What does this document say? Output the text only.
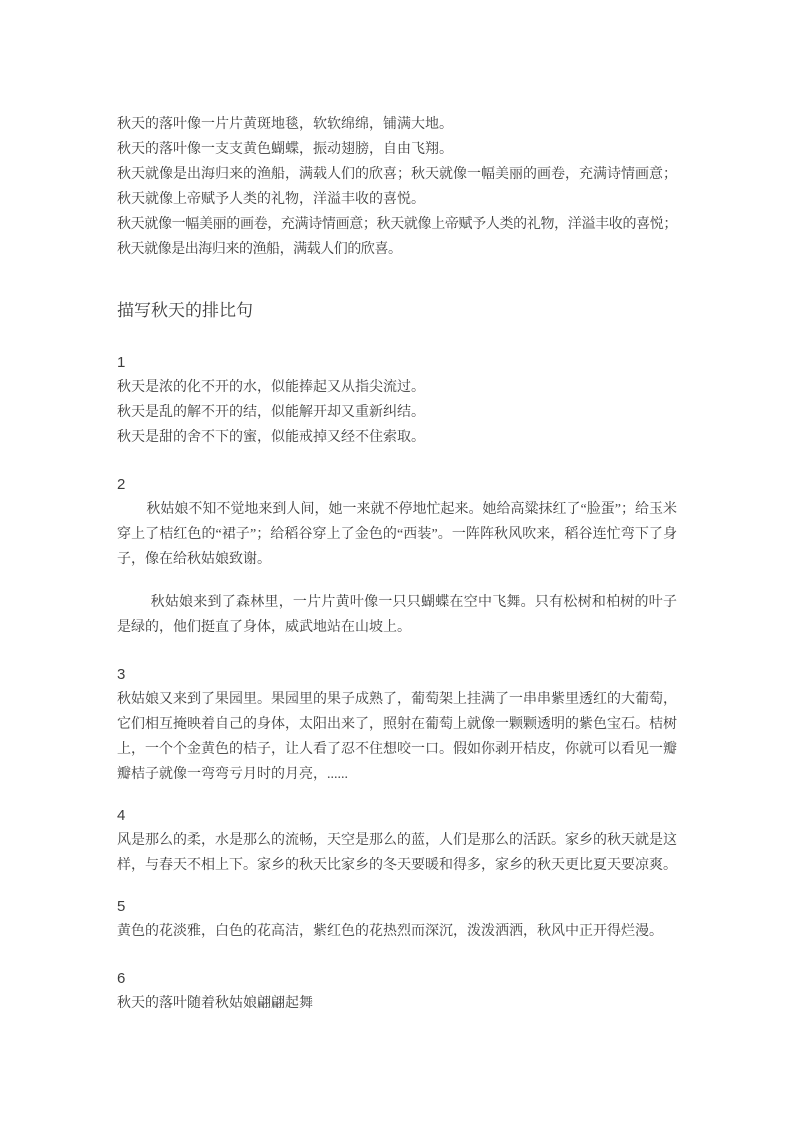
秋天的落叶像一片片黄斑地毯，软软绵绵，铺满大地。

秋天的落叶像一支支黄色蝴蝶，振动翅膀，自由飞翔。

秋天就像是出海归来的渔船，满载人们的欣喜；秋天就像一幅美丽的画卷，充满诗情画意；秋天就像上帝赋予人类的礼物，洋溢丰收的喜悦。

秋天就像一幅美丽的画卷，充满诗情画意；秋天就像上帝赋予人类的礼物，洋溢丰收的喜悦；秋天就像是出海归来的渔船，满载人们的欣喜。

描写秋天的排比句
1

秋天是浓的化不开的水，似能捧起又从指尖流过。

秋天是乱的解不开的结，似能解开却又重新纠结。

秋天是甜的舍不下的蜜，似能戒掉又经不住索取。

2

秋姑娘不知不觉地来到人间，她一来就不停地忙起来。她给高粱抹红了“脸蛋”；给玉米穿上了桔红色的“裙子”；给稻谷穿上了金色的“西装”。一阵阵秋风吹来，稻谷连忙弯下了身子，像在给秋姑娘致谢。

秋姑娘来到了森林里，一片片黄叶像一只只蝴蝶在空中飞舞。只有松树和柏树的叶子是绿的，他们挺直了身体，威武地站在山坡上。

3

秋姑娘又来到了果园里。果园里的果子成熟了，葡萄架上挂满了一串串紫里透红的大葡萄，它们相互掩映着自己的身体，太阳出来了，照射在葡萄上就像一颗颗透明的紫色宝石。桔树上，一个个金黄色的桔子，让人看了忍不住想咬一口。假如你剥开桔皮，你就可以看见一瓣瓣桔子就像一弯弯亏月时的月亮，......

4

风是那么的柔，水是那么的流畅，天空是那么的蓝，人们是那么的活跃。家乡的秋天就是这样，与春天不相上下。家乡的秋天比家乡的冬天要暖和得多，家乡的秋天更比夏天要凉爽。

5

黄色的花淡雅，白色的花高洁，紫红色的花热烈而深沉，泼泼洒洒，秋风中正开得烂漫。

6

秋天的落叶随着秋姑娘翩翩起舞
